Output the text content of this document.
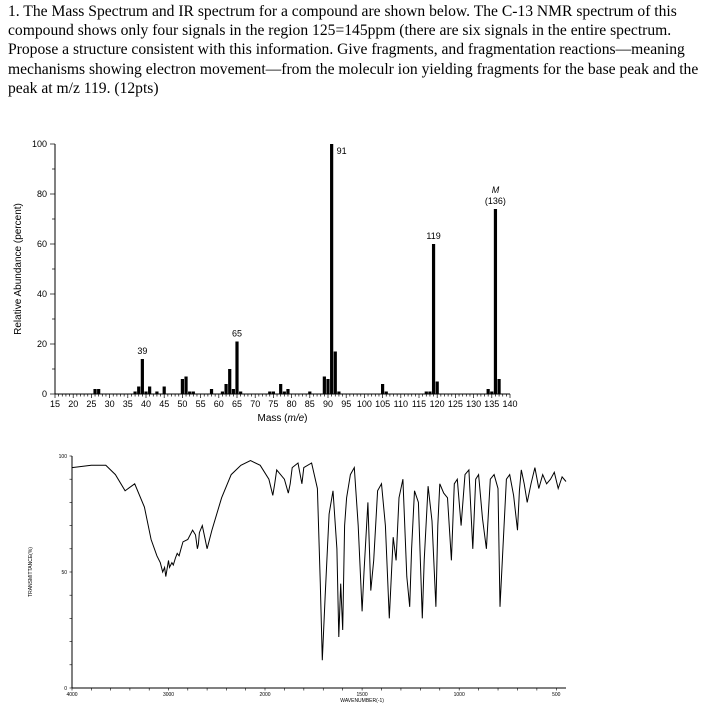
1. The Mass Spectrum and IR spectrum for a compound are shown below. The C-13 NMR spectrum of this compound shows only four signals in the region 125=145ppm (there are six signals in the entire spectrum. Propose a structure consistent with this information. Give fragments, and fragmentation reactions—meaning mechanisms showing electron movement—from the moleculr ion yielding fragments for the base peak and the peak at m/z 119. (12pts)

15 20 25 30 35 40 45 50 55 60 65 70 75 80 85 90 95 100 105 110 115 120 125 130 135 140
0
20
40
60
80
100
39
65
91
119
M
(136)
Relative Abundance (percent)
Mass (m/e)
4000	3000	2000	1500	1000	500
0
50
100
TRANSMITTANCE(%)
WAVENUMBER(-1)
